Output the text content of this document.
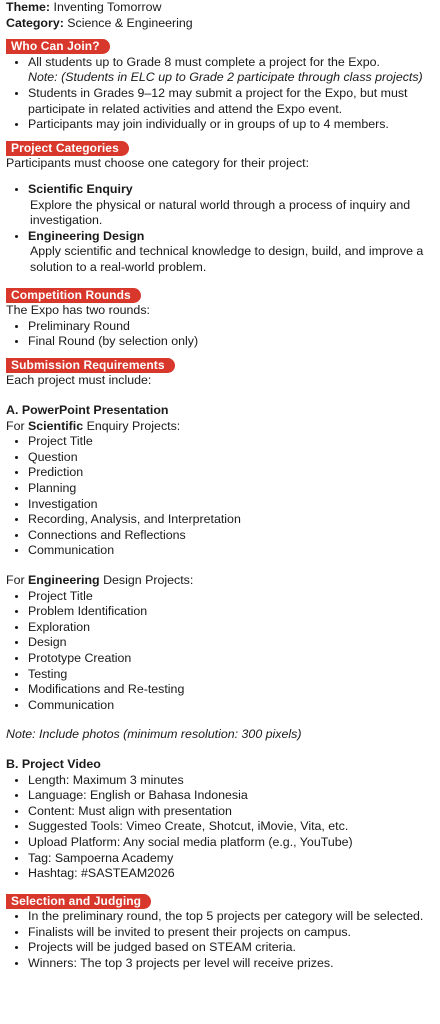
Theme: Inventing Tomorrow

Category: Science & Engineering

Who Can Join?
• All students up to Grade 8 must complete a project for the Expo.
Note: (Students in ELC up to Grade 2 participate through class projects)
• Students in Grades 9–12 may submit a project for the Expo, but must participate in related activities and attend the Expo event.
• Participants may join individually or in groups of up to 4 members.
Project Categories

Participants must choose one category for their project:

• Scientific Enquiry
Explore the physical or natural world through a process of inquiry and investigation.
• Engineering Design
Apply scientific and technical knowledge to design, build, and improve a solution to a real-world problem.
Competition Rounds

The Expo has two rounds:

• Preliminary Round
• Final Round (by selection only)
Submission Requirements

Each project must include:

A. PowerPoint Presentation

For Scientific Enquiry Projects:

• Project Title
• Question
• Prediction
• Planning
• Investigation
• Recording, Analysis, and Interpretation
• Connections and Reflections
• Communication

For Engineering Design Projects:

• Project Title
• Problem Identification
• Exploration
• Design
• Prototype Creation
• Testing
• Modifications and Re-testing
• Communication

Note: Include photos (minimum resolution: 300 pixels)

B. Project Video

• Length: Maximum 3 minutes
• Language: English or Bahasa Indonesia
• Content: Must align with presentation
• Suggested Tools: Vimeo Create, Shotcut, iMovie, Vita, etc.
• Upload Platform: Any social media platform (e.g., YouTube)
• Tag: Sampoerna Academy
• Hashtag: #SASTEAM2026
Selection and Judging
• In the preliminary round, the top 5 projects per category will be selected.
• Finalists will be invited to present their projects on campus.
• Projects will be judged based on STEAM criteria.
• Winners: The top 3 projects per level will receive prizes.
